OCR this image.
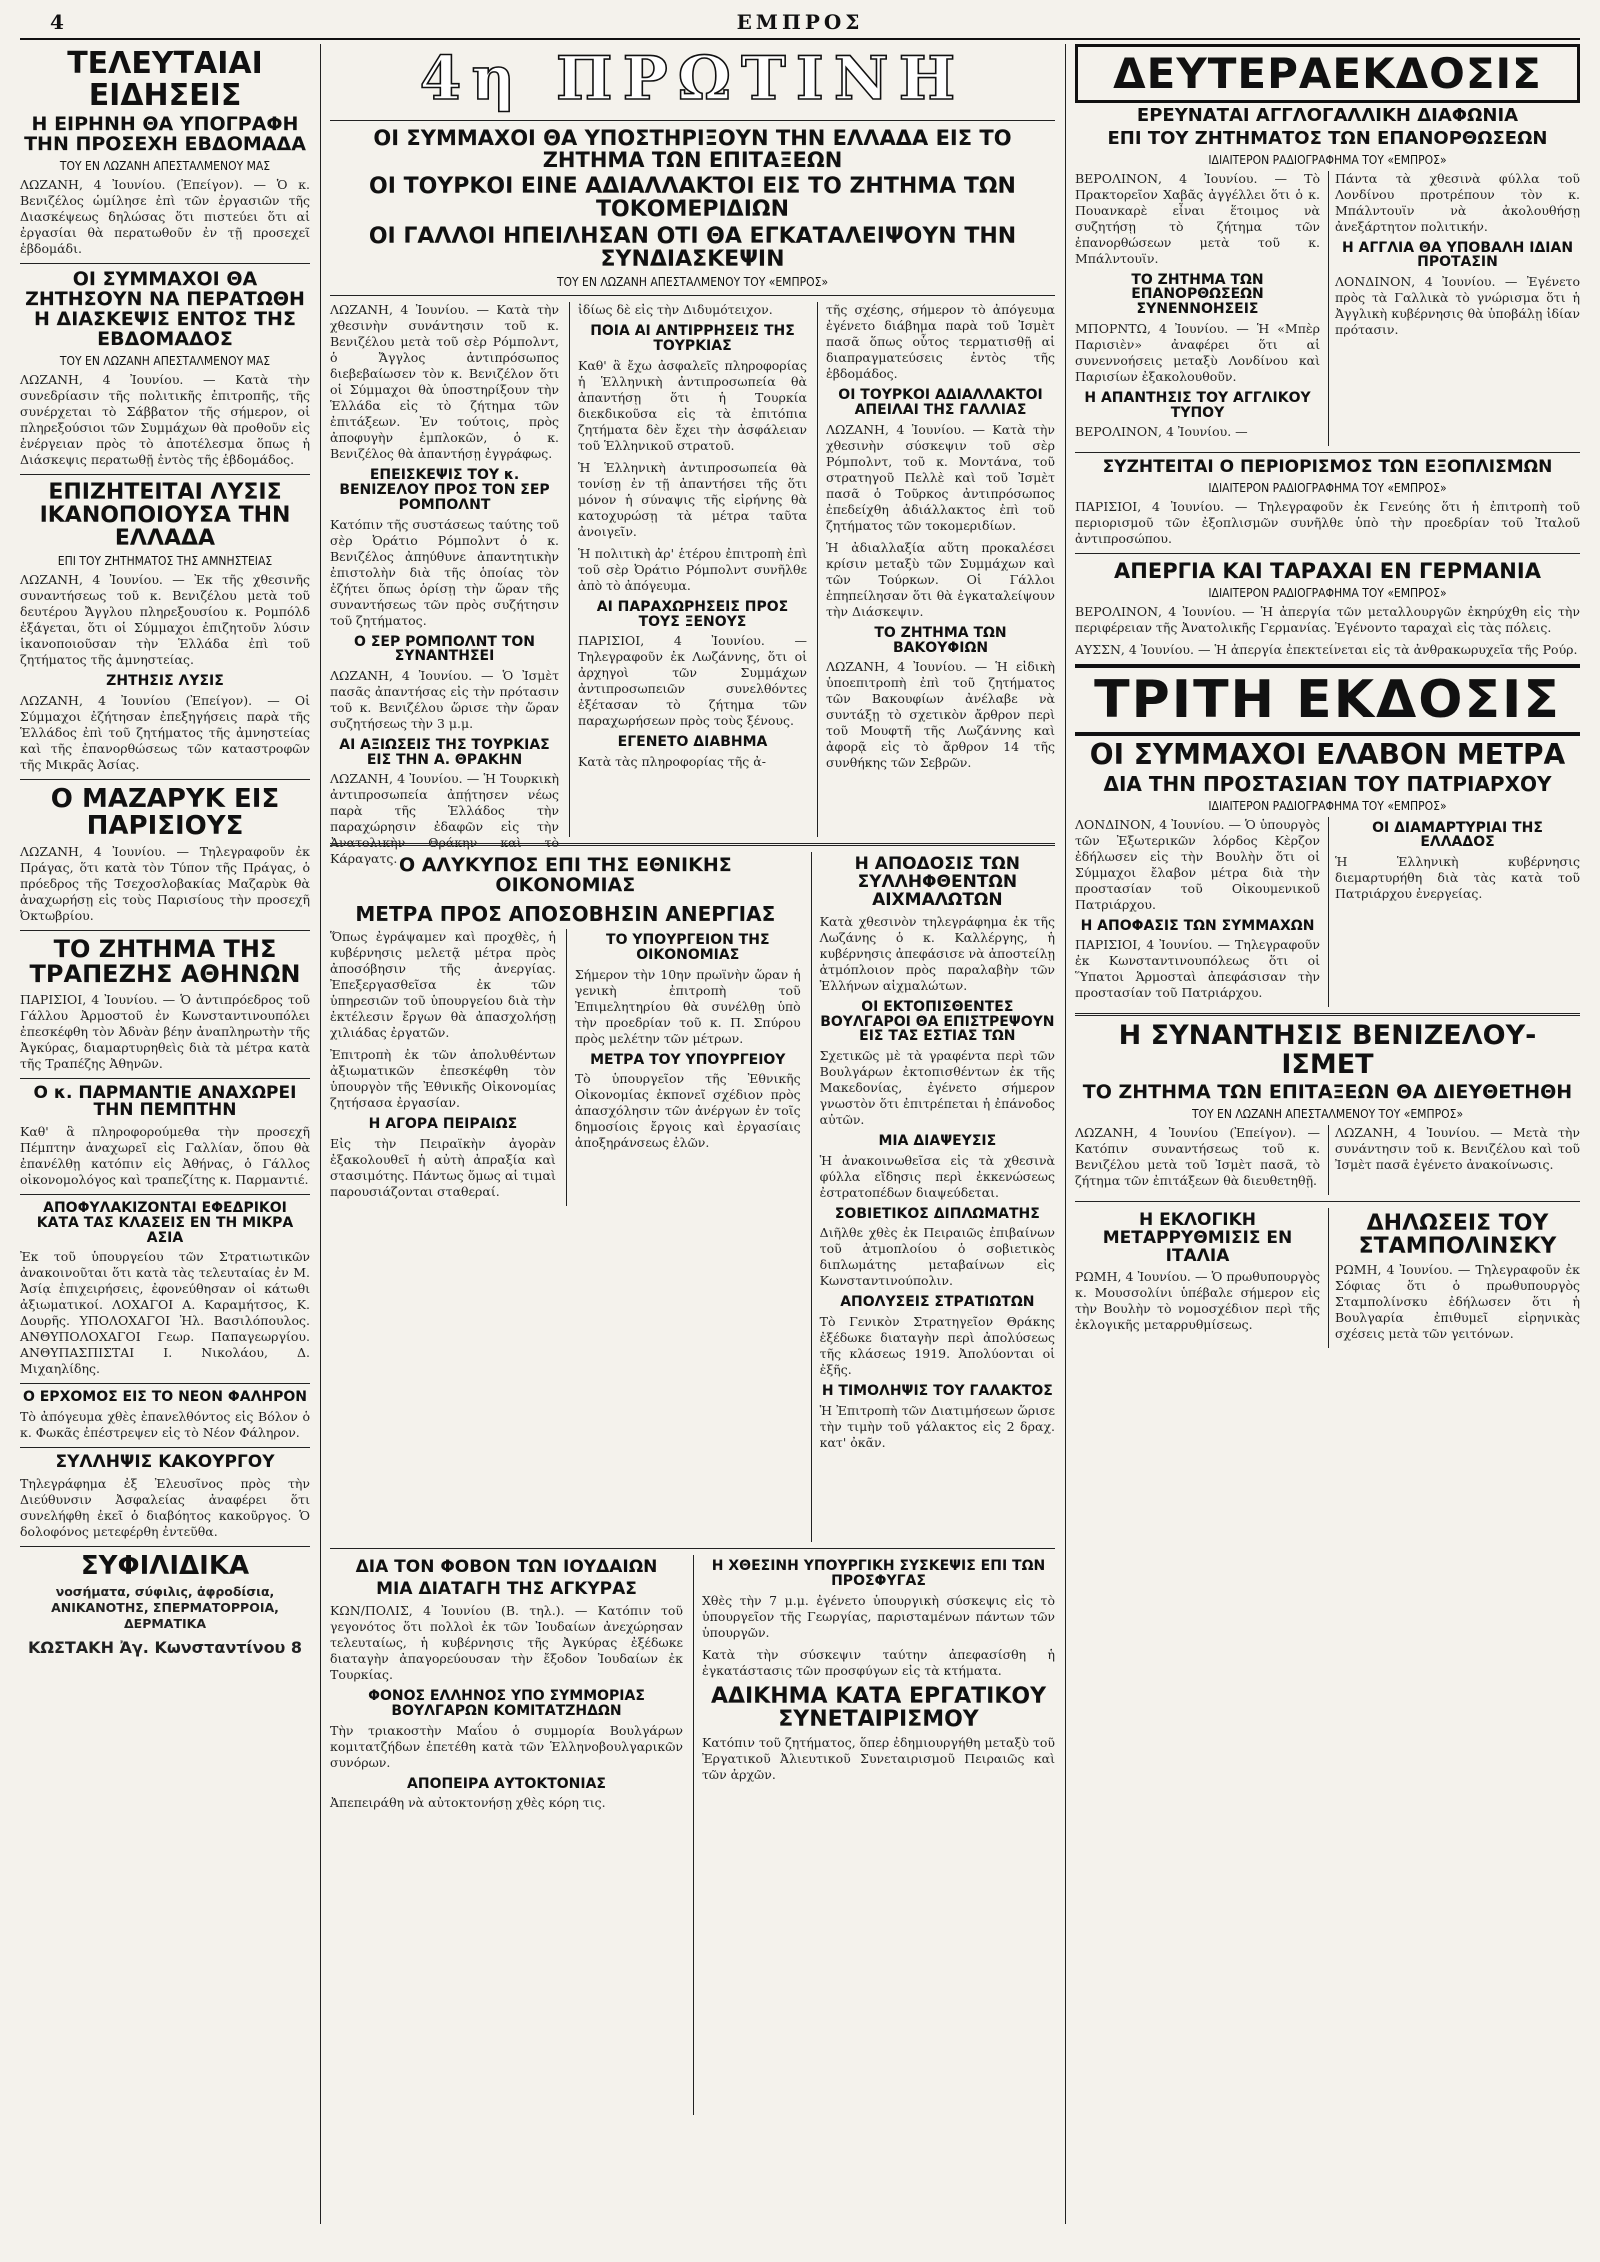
4	ΕΜΠΡΟΣ
ΤΕΛΕΥΤΑΙΑΙ ΕΙΔΗΣΕΙΣ
Η ΕΙΡΗΝΗ ΘΑ ΥΠΟΓΡΑΦΗ ΤΗΝ ΠΡΟΣΕΧΗ ΕΒΔΟΜΑΔΑ
ΤΟΥ ΕΝ ΛΩΖΑΝΗ ΑΠΕΣΤΑΛΜΕΝΟΥ ΜΑΣ

ΛΩΖΑΝΗ, 4 Ἰουνίου. (Ἐπείγον). — Ὁ κ. Βενιζέλος ὡμίλησε ἐπὶ τῶν ἐργασιῶν τῆς Διασκέψεως δηλώσας ὅτι πιστεύει ὅτι αἱ ἐργασίαι θὰ περατωθοῦν ἐν τῇ προσεχεῖ ἑβδομάδι.

ΟΙ ΣΥΜΜΑΧΟΙ ΘΑ ΖΗΤΗΣΟΥΝ ΝΑ ΠΕΡΑΤΩΘΗ Η ΔΙΑΣΚΕΨΙΣ ΕΝΤΟΣ ΤΗΣ ΕΒΔΟΜΑΔΟΣ
ΤΟΥ ΕΝ ΛΩΖΑΝΗ ΑΠΕΣΤΑΛΜΕΝΟΥ ΜΑΣ

ΛΩΖΑΝΗ, 4 Ἰουνίου. — Κατὰ τὴν συνεδρίασιν τῆς πολιτικῆς ἐπιτροπῆς, τῆς συνέρχεται τὸ Σάββατον τῆς σήμερον, οἱ πληρεξούσιοι τῶν Συμμάχων θὰ προθοῦν εἰς ἐνέργειαν πρὸς τὸ ἀποτέλεσμα ὅπως ἡ Διάσκεψις περατωθῇ ἐντὸς τῆς ἑβδομάδος.

ΕΠΙΖΗΤΕΙΤΑΙ ΛΥΣΙΣ ΙΚΑΝΟΠΟΙΟΥΣΑ ΤΗΝ ΕΛΛΑΔΑ
ΕΠΙ ΤΟΥ ΖΗΤΗΜΑΤΟΣ ΤΗΣ ΑΜΝΗΣΤΕΙΑΣ

ΛΩΖΑΝΗ, 4 Ἰουνίου. — Ἐκ τῆς χθεσινῆς συναντήσεως τοῦ κ. Βενιζέλου μετὰ τοῦ δευτέρου Ἄγγλου πληρεξουσίου κ. Ρομπόλδ ἐξάγεται, ὅτι οἱ Σύμμαχοι ἐπιζητοῦν λύσιν ἱκανοποιοῦσαν τὴν Ἑλλάδα ἐπὶ τοῦ ζητήματος τῆς ἀμνηστείας.

ΖΗΤΗΣΙΣ ΛΥΣΙΣ

ΛΩΖΑΝΗ, 4 Ἰουνίου (Ἐπείγον). — Οἱ Σύμμαχοι ἐζήτησαν ἐπεξηγήσεις παρὰ τῆς Ἑλλάδος ἐπὶ τοῦ ζητήματος τῆς ἀμνηστείας καὶ τῆς ἐπανορθώσεως τῶν καταστροφῶν τῆς Μικρᾶς Ἀσίας.

Ο ΜΑΖΑΡΥΚ ΕΙΣ ΠΑΡΙΣΙΟΥΣ

ΛΩΖΑΝΗ, 4 Ἰουνίου. — Τηλεγραφοῦν ἐκ Πράγας, ὅτι κατὰ τὸν Τύπον τῆς Πράγας, ὁ πρόεδρος τῆς Τσεχοσλοβακίας Μαζαρὺκ θὰ ἀναχωρήσῃ εἰς τοὺς Παρισίους τὴν προσεχῆ Ὀκτωβρίου.

ΤΟ ΖΗΤΗΜΑ ΤΗΣ ΤΡΑΠΕΖΗΣ ΑΘΗΝΩΝ

ΠΑΡΙΣΙΟΙ, 4 Ἰουνίου. — Ὁ ἀντιπρόεδρος τοῦ Γάλλου Ἀρμοστοῦ ἐν Κωνσταντινουπόλει ἐπεσκέφθη τὸν Ἀδνὰν βέην ἀναπληρωτὴν τῆς Ἀγκύρας, διαμαρτυρηθεὶς διὰ τὰ μέτρα κατὰ τῆς Τραπέζης Ἀθηνῶν.

Ο κ. ΠΑΡΜΑΝΤΙΕ ΑΝΑΧΩΡΕΙ ΤΗΝ ΠΕΜΠΤΗΝ

Καθ' ἃ πληροφορούμεθα τὴν προσεχῆ Πέμπτην ἀναχωρεῖ εἰς Γαλλίαν, ὅπου θὰ ἐπανέλθῃ κατόπιν εἰς Ἀθήνας, ὁ Γάλλος οἰκονομολόγος καὶ τραπεζίτης κ. Παρμαντιέ.

ΑΠΟΦΥΛΑΚΙΖΟΝΤΑΙ ΕΦΕΔΡΙΚΟΙ ΚΑΤΑ ΤΑΣ ΚΛΑΣΕΙΣ ΕΝ ΤΗ ΜΙΚΡΑ ΑΣΙΑ

Ἐκ τοῦ ὑπουργείου τῶν Στρατιωτικῶν ἀνακοινοῦται ὅτι κατὰ τὰς τελευταίας ἐν Μ. Ἀσίᾳ ἐπιχειρήσεις, ἐφονεύθησαν οἱ κάτωθι ἀξιωματικοί. ΛΟΧΑΓΟΙ Α. Καραμήτσος, Κ. Δουρῆς. ΥΠΟΛΟΧΑΓΟΙ Ἠλ. Βασιλόπουλος. ΑΝΘΥΠΟΛΟΧΑΓΟΙ Γεωρ. Παπαγεωργίου. ΑΝΘΥΠΑΣΠΙΣΤΑΙ Ι. Νικολάου, Δ. Μιχαηλίδης.

Ο ΕΡΧΟΜΟΣ ΕΙΣ ΤΟ ΝΕΟΝ ΦΑΛΗΡΟΝ

Τὸ ἀπόγευμα χθὲς ἐπανελθόντος εἰς Βόλον ὁ κ. Φωκᾶς ἐπέστρεψεν εἰς τὸ Νέον Φάληρον.

ΣΥΛΛΗΨΙΣ ΚΑΚΟΥΡΓΟΥ

Τηλεγράφημα ἐξ Ἐλευσῖνος πρὸς τὴν Διεύθυνσιν Ἀσφαλείας ἀναφέρει ὅτι συνελήφθη ἐκεῖ ὁ διαβόητος κακοῦργος. Ὁ δολοφόνος μετεφέρθη ἐντεῦθα.

ΣΥΦΙΛΙΔΙΚΑ

νοσήματα, σύφιλις, ἀφροδίσια, ΑΝΙΚΑΝΟΤΗΣ, ΣΠΕΡΜΑΤΟΡΡΟΙΑ, ΔΕΡΜΑΤΙΚΑ

ΚΩΣΤΑΚΗ Ἀγ. Κωνσταντίνου 8

4η ΠΡΩΤΙΝΗ
ΟΙ ΣΥΜΜΑΧΟΙ ΘΑ ΥΠΟΣΤΗΡΙΞΟΥΝ ΤΗΝ ΕΛΛΑΔΑ ΕΙΣ ΤΟ ΖΗΤΗΜΑ ΤΩΝ ΕΠΙΤΑΞΕΩΝ
ΟΙ ΤΟΥΡΚΟΙ ΕΙΝΕ ΑΔΙΑΛΛΑΚΤΟΙ ΕΙΣ ΤΟ ΖΗΤΗΜΑ ΤΩΝ ΤΟΚΟΜΕΡΙΔΙΩΝ
ΟΙ ΓΑΛΛΟΙ ΗΠΕΙΛΗΣΑΝ ΟΤΙ ΘΑ ΕΓΚΑΤΑΛΕΙΨΟΥΝ ΤΗΝ ΣΥΝΔΙΑΣΚΕΨΙΝ
ΤΟΥ ΕΝ ΛΩΖΑΝΗ ΑΠΕΣΤΑΛΜΕΝΟΥ ΤΟΥ «ΕΜΠΡΟΣ»

ΛΩΖΑΝΗ, 4 Ἰουνίου. — Κατὰ τὴν χθεσινὴν συνάντησιν τοῦ κ. Βενιζέλου μετὰ τοῦ σὲρ Ρόμπολντ, ὁ Ἄγγλος ἀντιπρόσωπος διεβεβαίωσεν τὸν κ. Βενιζέλον ὅτι οἱ Σύμμαχοι θὰ ὑποστηρίξουν τὴν Ἑλλάδα εἰς τὸ ζήτημα τῶν ἐπιτάξεων. Ἐν τούτοις, πρὸς ἀποφυγὴν ἐμπλοκῶν, ὁ κ. Βενιζέλος θὰ ἀπαντήσῃ ἐγγράφως.

ΕΠΕΙΣΚΕΨΙΣ ΤΟΥ κ. ΒΕΝΙΖΕΛΟΥ ΠΡΟΣ ΤΟΝ ΣΕΡ ΡΟΜΠΟΛΝΤ

Κατόπιν τῆς συστάσεως ταύτης τοῦ σὲρ Ὀράτιο Ρόμπολντ ὁ κ. Βενιζέλος ἀπηύθυνε ἀπαντητικὴν ἐπιστολὴν διὰ τῆς ὁποίας τὸν ἐζήτει ὅπως ὁρίσῃ τὴν ὥραν τῆς συναντήσεως τῶν πρὸς συζήτησιν τοῦ ζητήματος.

Ο ΣΕΡ ΡΟΜΠΟΛΝΤ ΤΟΝ ΣΥΝΑΝΤΗΣΕΙ

ΛΩΖΑΝΗ, 4 Ἰουνίου. — Ὁ Ἰσμὲτ πασᾶς ἀπαντήσας εἰς τὴν πρότασιν τοῦ κ. Βενιζέλου ὥρισε τὴν ὥραν συζητήσεως τὴν 3 μ.μ.

ΑΙ ΑΞΙΩΣΕΙΣ ΤΗΣ ΤΟΥΡΚΙΑΣ ΕΙΣ ΤΗΝ Α. ΘΡΑΚΗΝ

ΛΩΖΑΝΗ, 4 Ἰουνίου. — Ἡ Τουρκικὴ ἀντιπροσωπεία ἀπῄτησεν νέως παρὰ τῆς Ἑλλάδος τὴν παραχώρησιν ἐδαφῶν εἰς τὴν Ἀνατολικὴν Θράκην καὶ τὸ Κάραγατς.

ἰδίως δὲ εἰς τὴν Διδυμότειχον.

ΠΟΙΑ ΑΙ ΑΝΤΙΡΡΗΣΕΙΣ ΤΗΣ ΤΟΥΡΚΙΑΣ

Καθ' ἃ ἔχω ἀσφαλεῖς πληροφορίας ἡ Ἑλληνικὴ ἀντιπροσωπεία θὰ ἀπαντήσῃ ὅτι ἡ Τουρκία διεκδικοῦσα εἰς τὰ ἐπιτόπια ζητήματα δὲν ἔχει τὴν ἀσφάλειαν τοῦ Ἑλληνικοῦ στρατοῦ.

Ἡ Ἑλληνικὴ ἀντιπροσωπεία θὰ τονίσῃ ἐν τῇ ἀπαντήσει τῆς ὅτι μόνον ἡ σύναψις τῆς εἰρήνης θὰ κατοχυρώσῃ τὰ μέτρα ταῦτα ἀνοιγεῖν.

Ἡ πολιτικὴ ἀρ' ἑτέρου ἐπιτροπὴ ἐπὶ τοῦ σὲρ Ὀράτιο Ρόμπολντ συνῆλθε ἀπὸ τὸ ἀπόγευμα.

ΑΙ ΠΑΡΑΧΩΡΗΣΕΙΣ ΠΡΟΣ ΤΟΥΣ ΞΕΝΟΥΣ

ΠΑΡΙΣΙΟΙ, 4 Ἰουνίου. — Τηλεγραφοῦν ἐκ Λωζάννης, ὅτι οἱ ἀρχηγοὶ τῶν Συμμάχων ἀντιπροσωπειῶν συνελθόντες ἐξέτασαν τὸ ζήτημα τῶν παραχωρήσεων πρὸς τοὺς ξένους.

ΕΓΕΝΕΤΟ ΔΙΑΒΗΜΑ

Κατὰ τὰς πληροφορίας τῆς ἀ-

τῆς σχέσης, σήμερον τὸ ἀπόγευμα ἐγένετο διάβημα παρὰ τοῦ Ἰσμὲτ πασᾶ ὅπως οὗτος τερματισθῇ αἱ διαπραγματεύσεις ἐντὸς τῆς ἑβδομάδος.

ΟΙ ΤΟΥΡΚΟΙ ΑΔΙΑΛΛΑΚΤΟΙ ΑΠΕΙΛΑΙ ΤΗΣ ΓΑΛΛΙΑΣ

ΛΩΖΑΝΗ, 4 Ἰουνίου. — Κατὰ τὴν χθεσινὴν σύσκεψιν τοῦ σὲρ Ρόμπολντ, τοῦ κ. Μοντάνα, τοῦ στρατηγοῦ Πελλὲ καὶ τοῦ Ἰσμὲτ πασᾶ ὁ Τοῦρκος ἀντιπρόσωπος ἐπεδείχθη ἀδιάλλακτος ἐπὶ τοῦ ζητήματος τῶν τοκομεριδίων.

Ἡ ἀδιαλλαξία αὕτη προκαλέσει κρίσιν μεταξὺ τῶν Συμμάχων καὶ τῶν Τούρκων. Οἱ Γάλλοι ἐπηπείλησαν ὅτι θὰ ἐγκαταλείψουν τὴν Διάσκεψιν.

ΤΟ ΖΗΤΗΜΑ ΤΩΝ ΒΑΚΟΥΦΙΩΝ

ΛΩΖΑΝΗ, 4 Ἰουνίου. — Ἡ εἰδικὴ ὑποεπιτροπὴ ἐπὶ τοῦ ζητήματος τῶν Βακουφίων ἀνέλαβε νὰ συντάξῃ τὸ σχετικὸν ἄρθρον περὶ τοῦ Μουφτῆ τῆς Λωζάννης καὶ ἀφορᾷ εἰς τὸ ἄρθρον 14 τῆς συνθήκης τῶν Σεβρῶν.

Ο ΑΛΥΚΥΠΟΣ ΕΠΙ ΤΗΣ ΕΘΝΙΚΗΣ ΟΙΚΟΝΟΜΙΑΣ
ΜΕΤΡΑ ΠΡΟΣ ΑΠΟΣΟΒΗΣΙΝ ΑΝΕΡΓΙΑΣ

Ὅπως ἐγράψαμεν καὶ προχθὲς, ἡ κυβέρνησις μελετᾷ μέτρα πρὸς ἀποσόβησιν τῆς ἀνεργίας. Ἐπεξεργασθεῖσα ἐκ τῶν ὑπηρεσιῶν τοῦ ὑπουργείου διὰ τὴν ἐκτέλεσιν ἔργων θὰ ἀπασχολήσῃ χιλιάδας ἐργατῶν.

Ἐπιτροπὴ ἐκ τῶν ἀπολυθέντων ἀξιωματικῶν ἐπεσκέφθη τὸν ὑπουργὸν τῆς Ἐθνικῆς Οἰκονομίας ζητήσασα ἐργασίαν.

Η ΑΓΟΡΑ ΠΕΙΡΑΙΩΣ

Εἰς τὴν Πειραϊκὴν ἀγορὰν ἐξακολουθεῖ ἡ αὐτὴ ἀπραξία καὶ στασιμότης. Πάντως ὅμως αἱ τιμαὶ παρουσιάζονται σταθεραί.

ΤΟ ΥΠΟΥΡΓΕΙΟΝ ΤΗΣ ΟΙΚΟΝΟΜΙΑΣ

Σήμερον τὴν 10ην πρωϊνὴν ὥραν ἡ γενικὴ ἐπιτροπὴ τοῦ Ἐπιμελητηρίου θὰ συνέλθῃ ὑπὸ τὴν προεδρίαν τοῦ κ. Π. Σπύρου πρὸς μελέτην τῶν μέτρων.

ΜΕΤΡΑ ΤΟΥ ΥΠΟΥΡΓΕΙΟΥ

Τὸ ὑπουργεῖον τῆς Ἐθνικῆς Οἰκονομίας ἐκπονεῖ σχέδιον πρὸς ἀπασχόλησιν τῶν ἀνέργων ἐν τοῖς δημοσίοις ἔργοις καὶ ἐργασίαις ἀποξηράνσεως ἑλῶν.

Η ΑΠΟΔΟΣΙΣ ΤΩΝ ΣΥΛΛΗΦΘΕΝΤΩΝ ΑΙΧΜΑΛΩΤΩΝ

Κατὰ χθεσινὸν τηλεγράφημα ἐκ τῆς Λωζάνης ὁ κ. Καλλέργης, ἡ κυβέρνησις ἀπεφάσισε νὰ ἀποστείλῃ ἀτμόπλοιον πρὸς παραλαβὴν τῶν Ἑλλήνων αἰχμαλώτων.

ΟΙ ΕΚΤΟΠΙΣΘΕΝΤΕΣ ΒΟΥΛΓΑΡΟΙ ΘΑ ΕΠΙΣΤΡΕΨΟΥΝ ΕΙΣ ΤΑΣ ΕΣΤΙΑΣ ΤΩΝ

Σχετικῶς μὲ τὰ γραφέντα περὶ τῶν Βουλγάρων ἐκτοπισθέντων ἐκ τῆς Μακεδονίας, ἐγένετο σήμερον γνωστὸν ὅτι ἐπιτρέπεται ἡ ἐπάνοδος αὐτῶν.

ΜΙΑ ΔΙΑΨΕΥΣΙΣ

Ἡ ἀνακοινωθεῖσα εἰς τὰ χθεσινὰ φύλλα εἴδησις περὶ ἐκκενώσεως ἐστρατοπέδων διαψεύδεται.

ΣΟΒΙΕΤΙΚΟΣ ΔΙΠΛΩΜΑΤΗΣ

Διῆλθε χθὲς ἐκ Πειραιῶς ἐπιβαίνων τοῦ ἀτμοπλοίου ὁ σοβιετικὸς διπλωμάτης μεταβαίνων εἰς Κωνσταντινούπολιν.

ΑΠΟΛΥΣΕΙΣ ΣΤΡΑΤΙΩΤΩΝ

Τὸ Γενικὸν Στρατηγεῖον Θράκης ἐξέδωκε διαταγὴν περὶ ἀπολύσεως τῆς κλάσεως 1919. Ἀπολύονται οἱ ἐξῆς.

Η ΤΙΜΟΛΗΨΙΣ ΤΟΥ ΓΑΛΑΚΤΟΣ

Ἡ Ἐπιτροπὴ τῶν Διατιμήσεων ὥρισε τὴν τιμὴν τοῦ γάλακτος εἰς 2 δραχ. κατ' ὀκᾶν.

ΔΙΑ ΤΟΝ ΦΟΒΟΝ ΤΩΝ ΙΟΥΔΑΙΩΝ
ΜΙΑ ΔΙΑΤΑΓΗ ΤΗΣ ΑΓΚΥΡΑΣ

ΚΩΝ/ΠΟΛΙΣ, 4 Ἰουνίου (Β. τηλ.). — Κατόπιν τοῦ γεγονότος ὅτι πολλοὶ ἐκ τῶν Ἰουδαίων ἀνεχώρησαν τελευταίως, ἡ κυβέρνησις τῆς Ἀγκύρας ἐξέδωκε διαταγὴν ἀπαγορεύουσαν τὴν ἔξοδον Ἰουδαίων ἐκ Τουρκίας.

ΦΟΝΟΣ ΕΛΛΗΝΟΣ ΥΠΟ ΣΥΜΜΟΡΙΑΣ ΒΟΥΛΓΑΡΩΝ ΚΟΜΙΤΑΤΖΗΔΩΝ

Τὴν τριακοστὴν Μαΐου ὁ συμμορία Βουλγάρων κομιτατζήδων ἐπετέθη κατὰ τῶν Ἑλληνοβουλγαρικῶν συνόρων.

ΑΠΟΠΕΙΡΑ ΑΥΤΟΚΤΟΝΙΑΣ

Ἀπεπειράθη νὰ αὐτοκτονήσῃ χθὲς κόρη τις.

Η ΧΘΕΣΙΝΗ ΥΠΟΥΡΓΙΚΗ ΣΥΣΚΕΨΙΣ ΕΠΙ ΤΩΝ ΠΡΟΣΦΥΓΑΣ

Χθὲς τὴν 7 μ.μ. ἐγένετο ὑπουργικὴ σύσκεψις εἰς τὸ ὑπουργεῖον τῆς Γεωργίας, παρισταμένων πάντων τῶν ὑπουργῶν.

Κατὰ τὴν σύσκεψιν ταύτην ἀπεφασίσθη ἡ ἐγκατάστασις τῶν προσφύγων εἰς τὰ κτήματα.

ΑΔΙΚΗΜΑ ΚΑΤΑ ΕΡΓΑΤΙΚΟΥ ΣΥΝΕΤΑΙΡΙΣΜΟΥ

Κατόπιν τοῦ ζητήματος, ὅπερ ἐδημιουργήθη μεταξὺ τοῦ Ἐργατικοῦ Ἀλιευτικοῦ Συνεταιρισμοῦ Πειραιῶς καὶ τῶν ἀρχῶν.

ΔΕΥΤΕΡΑΕΚΔΟΣΙΣ
ΕΡΕΥΝΑΤΑΙ ΑΓΓΛΟΓΑΛΛΙΚΗ ΔΙΑΦΩΝΙΑ
ΕΠΙ ΤΟΥ ΖΗΤΗΜΑΤΟΣ ΤΩΝ ΕΠΑΝΟΡΘΩΣΕΩΝ
ΙΔΙΑΙΤΕΡΟΝ ΡΑΔΙΟΓΡΑΦΗΜΑ ΤΟΥ «ΕΜΠΡΟΣ»

ΒΕΡΟΛΙΝΟΝ, 4 Ἰουνίου. — Τὸ Πρακτορεῖον Χαβᾶς ἀγγέλλει ὅτι ὁ κ. Πουανκαρὲ εἶναι ἕτοιμος νὰ συζητήσῃ τὸ ζήτημα τῶν ἐπανορθώσεων μετὰ τοῦ κ. Μπάλντουϊν.

ΤΟ ΖΗΤΗΜΑ ΤΩΝ ΕΠΑΝΟΡΘΩΣΕΩΝ ΣΥΝΕΝΝΟΗΣΕΙΣ

ΜΠΟΡΝΤΩ, 4 Ἰουνίου. — Ἡ «Μπὲρ Παρισιὲν» ἀναφέρει ὅτι αἱ συνεννοήσεις μεταξὺ Λονδίνου καὶ Παρισίων ἐξακολουθοῦν.

Η ΑΠΑΝΤΗΣΙΣ ΤΟΥ ΑΓΓΛΙΚΟΥ ΤΥΠΟΥ

ΒΕΡΟΛΙΝΟΝ, 4 Ἰουνίου. —

Πάντα τὰ χθεσινὰ φύλλα τοῦ Λονδίνου προτρέπουν τὸν κ. Μπάλντουϊν νὰ ἀκολουθήσῃ ἀνεξάρτητον πολιτικήν.

Η ΑΓΓΛΙΑ ΘΑ ΥΠΟΒΑΛΗ ΙΔΙΑΝ ΠΡΟΤΑΣΙΝ

ΛΟΝΔΙΝΟΝ, 4 Ἰουνίου. — Ἐγένετο πρὸς τὰ Γαλλικὰ τὸ γνώρισμα ὅτι ἡ Ἀγγλικὴ κυβέρνησις θὰ ὑποβάλῃ ἰδίαν πρότασιν.

ΣΥΖΗΤΕΙΤΑΙ Ο ΠΕΡΙΟΡΙΣΜΟΣ ΤΩΝ ΕΞΟΠΛΙΣΜΩΝ
ΙΔΙΑΙΤΕΡΟΝ ΡΑΔΙΟΓΡΑΦΗΜΑ ΤΟΥ «ΕΜΠΡΟΣ»

ΠΑΡΙΣΙΟΙ, 4 Ἰουνίου. — Τηλεγραφοῦν ἐκ Γενεύης ὅτι ἡ ἐπιτροπὴ τοῦ περιορισμοῦ τῶν ἐξοπλισμῶν συνῆλθε ὑπὸ τὴν προεδρίαν τοῦ Ἰταλοῦ ἀντιπροσώπου.

ΑΠΕΡΓΙΑ ΚΑΙ ΤΑΡΑΧΑΙ ΕΝ ΓΕΡΜΑΝΙΑ
ΙΔΙΑΙΤΕΡΟΝ ΡΑΔΙΟΓΡΑΦΗΜΑ ΤΟΥ «ΕΜΠΡΟΣ»

ΒΕΡΟΛΙΝΟΝ, 4 Ἰουνίου. — Ἡ ἀπεργία τῶν μεταλλουργῶν ἐκηρύχθη εἰς τὴν περιφέρειαν τῆς Ἀνατολικῆς Γερμανίας. Ἐγένοντο ταραχαὶ εἰς τὰς πόλεις.

ΑΥΣΣΝ, 4 Ἰουνίου. — Ἡ ἀπεργία ἐπεκτείνεται εἰς τὰ ἀνθρακωρυχεῖα τῆς Ρούρ.

ΤΡΙΤΗ ΕΚΔΟΣΙΣ
ΟΙ ΣΥΜΜΑΧΟΙ ΕΛΑΒΟΝ ΜΕΤΡΑ
ΔΙΑ ΤΗΝ ΠΡΟΣΤΑΣΙΑΝ ΤΟΥ ΠΑΤΡΙΑΡΧΟΥ
ΙΔΙΑΙΤΕΡΟΝ ΡΑΔΙΟΓΡΑΦΗΜΑ ΤΟΥ «ΕΜΠΡΟΣ»

ΛΟΝΔΙΝΟΝ, 4 Ἰουνίου. — Ὁ ὑπουργὸς τῶν Ἐξωτερικῶν λόρδος Κὲρζον ἐδήλωσεν εἰς τὴν Βουλὴν ὅτι οἱ Σύμμαχοι ἔλαβον μέτρα διὰ τὴν προστασίαν τοῦ Οἰκουμενικοῦ Πατριάρχου.

Η ΑΠΟΦΑΣΙΣ ΤΩΝ ΣΥΜΜΑΧΩΝ

ΠΑΡΙΣΙΟΙ, 4 Ἰουνίου. — Τηλεγραφοῦν ἐκ Κωνσταντινουπόλεως ὅτι οἱ Ὕπατοι Ἁρμοσταὶ ἀπεφάσισαν τὴν προστασίαν τοῦ Πατριάρχου.

ΟΙ ΔΙΑΜΑΡΤΥΡΙΑΙ ΤΗΣ ΕΛΛΑΔΟΣ

Ἡ Ἑλληνικὴ κυβέρνησις διεμαρτυρήθη διὰ τὰς κατὰ τοῦ Πατριάρχου ἐνεργείας.

Η ΣΥΝΑΝΤΗΣΙΣ ΒΕΝΙΖΕΛΟΥ-ΙΣΜΕΤ
ΤΟ ΖΗΤΗΜΑ ΤΩΝ ΕΠΙΤΑΞΕΩΝ ΘΑ ΔΙΕΥΘΕΤΗΘΗ
ΤΟΥ ΕΝ ΛΩΖΑΝΗ ΑΠΕΣΤΑΛΜΕΝΟΥ ΤΟΥ «ΕΜΠΡΟΣ»

ΛΩΖΑΝΗ, 4 Ἰουνίου (Ἐπείγον). — Κατόπιν συναντήσεως τοῦ κ. Βενιζέλου μετὰ τοῦ Ἰσμὲτ πασᾶ, τὸ ζήτημα τῶν ἐπιτάξεων θὰ διευθετηθῇ.

ΛΩΖΑΝΗ, 4 Ἰουνίου. — Μετὰ τὴν συνάντησιν τοῦ κ. Βενιζέλου καὶ τοῦ Ἰσμὲτ πασᾶ ἐγένετο ἀνακοίνωσις.

Η ΕΚΛΟΓΙΚΗ ΜΕΤΑΡΡΥΘΜΙΣΙΣ ΕΝ ΙΤΑΛΙΑ

ΡΩΜΗ, 4 Ἰουνίου. — Ὁ πρωθυπουργὸς κ. Μουσσολίνι ὑπέβαλε σήμερον εἰς τὴν Βουλὴν τὸ νομοσχέδιον περὶ τῆς ἐκλογικῆς μεταρρυθμίσεως.

ΔΗΛΩΣΕΙΣ ΤΟΥ ΣΤΑΜΠΟΛΙΝΣΚΥ

ΡΩΜΗ, 4 Ἰουνίου. — Τηλεγραφοῦν ἐκ Σόφιας ὅτι ὁ πρωθυπουργὸς Σταμπολίνσκυ ἐδήλωσεν ὅτι ἡ Βουλγαρία ἐπιθυμεῖ εἰρηνικὰς σχέσεις μετὰ τῶν γειτόνων.
